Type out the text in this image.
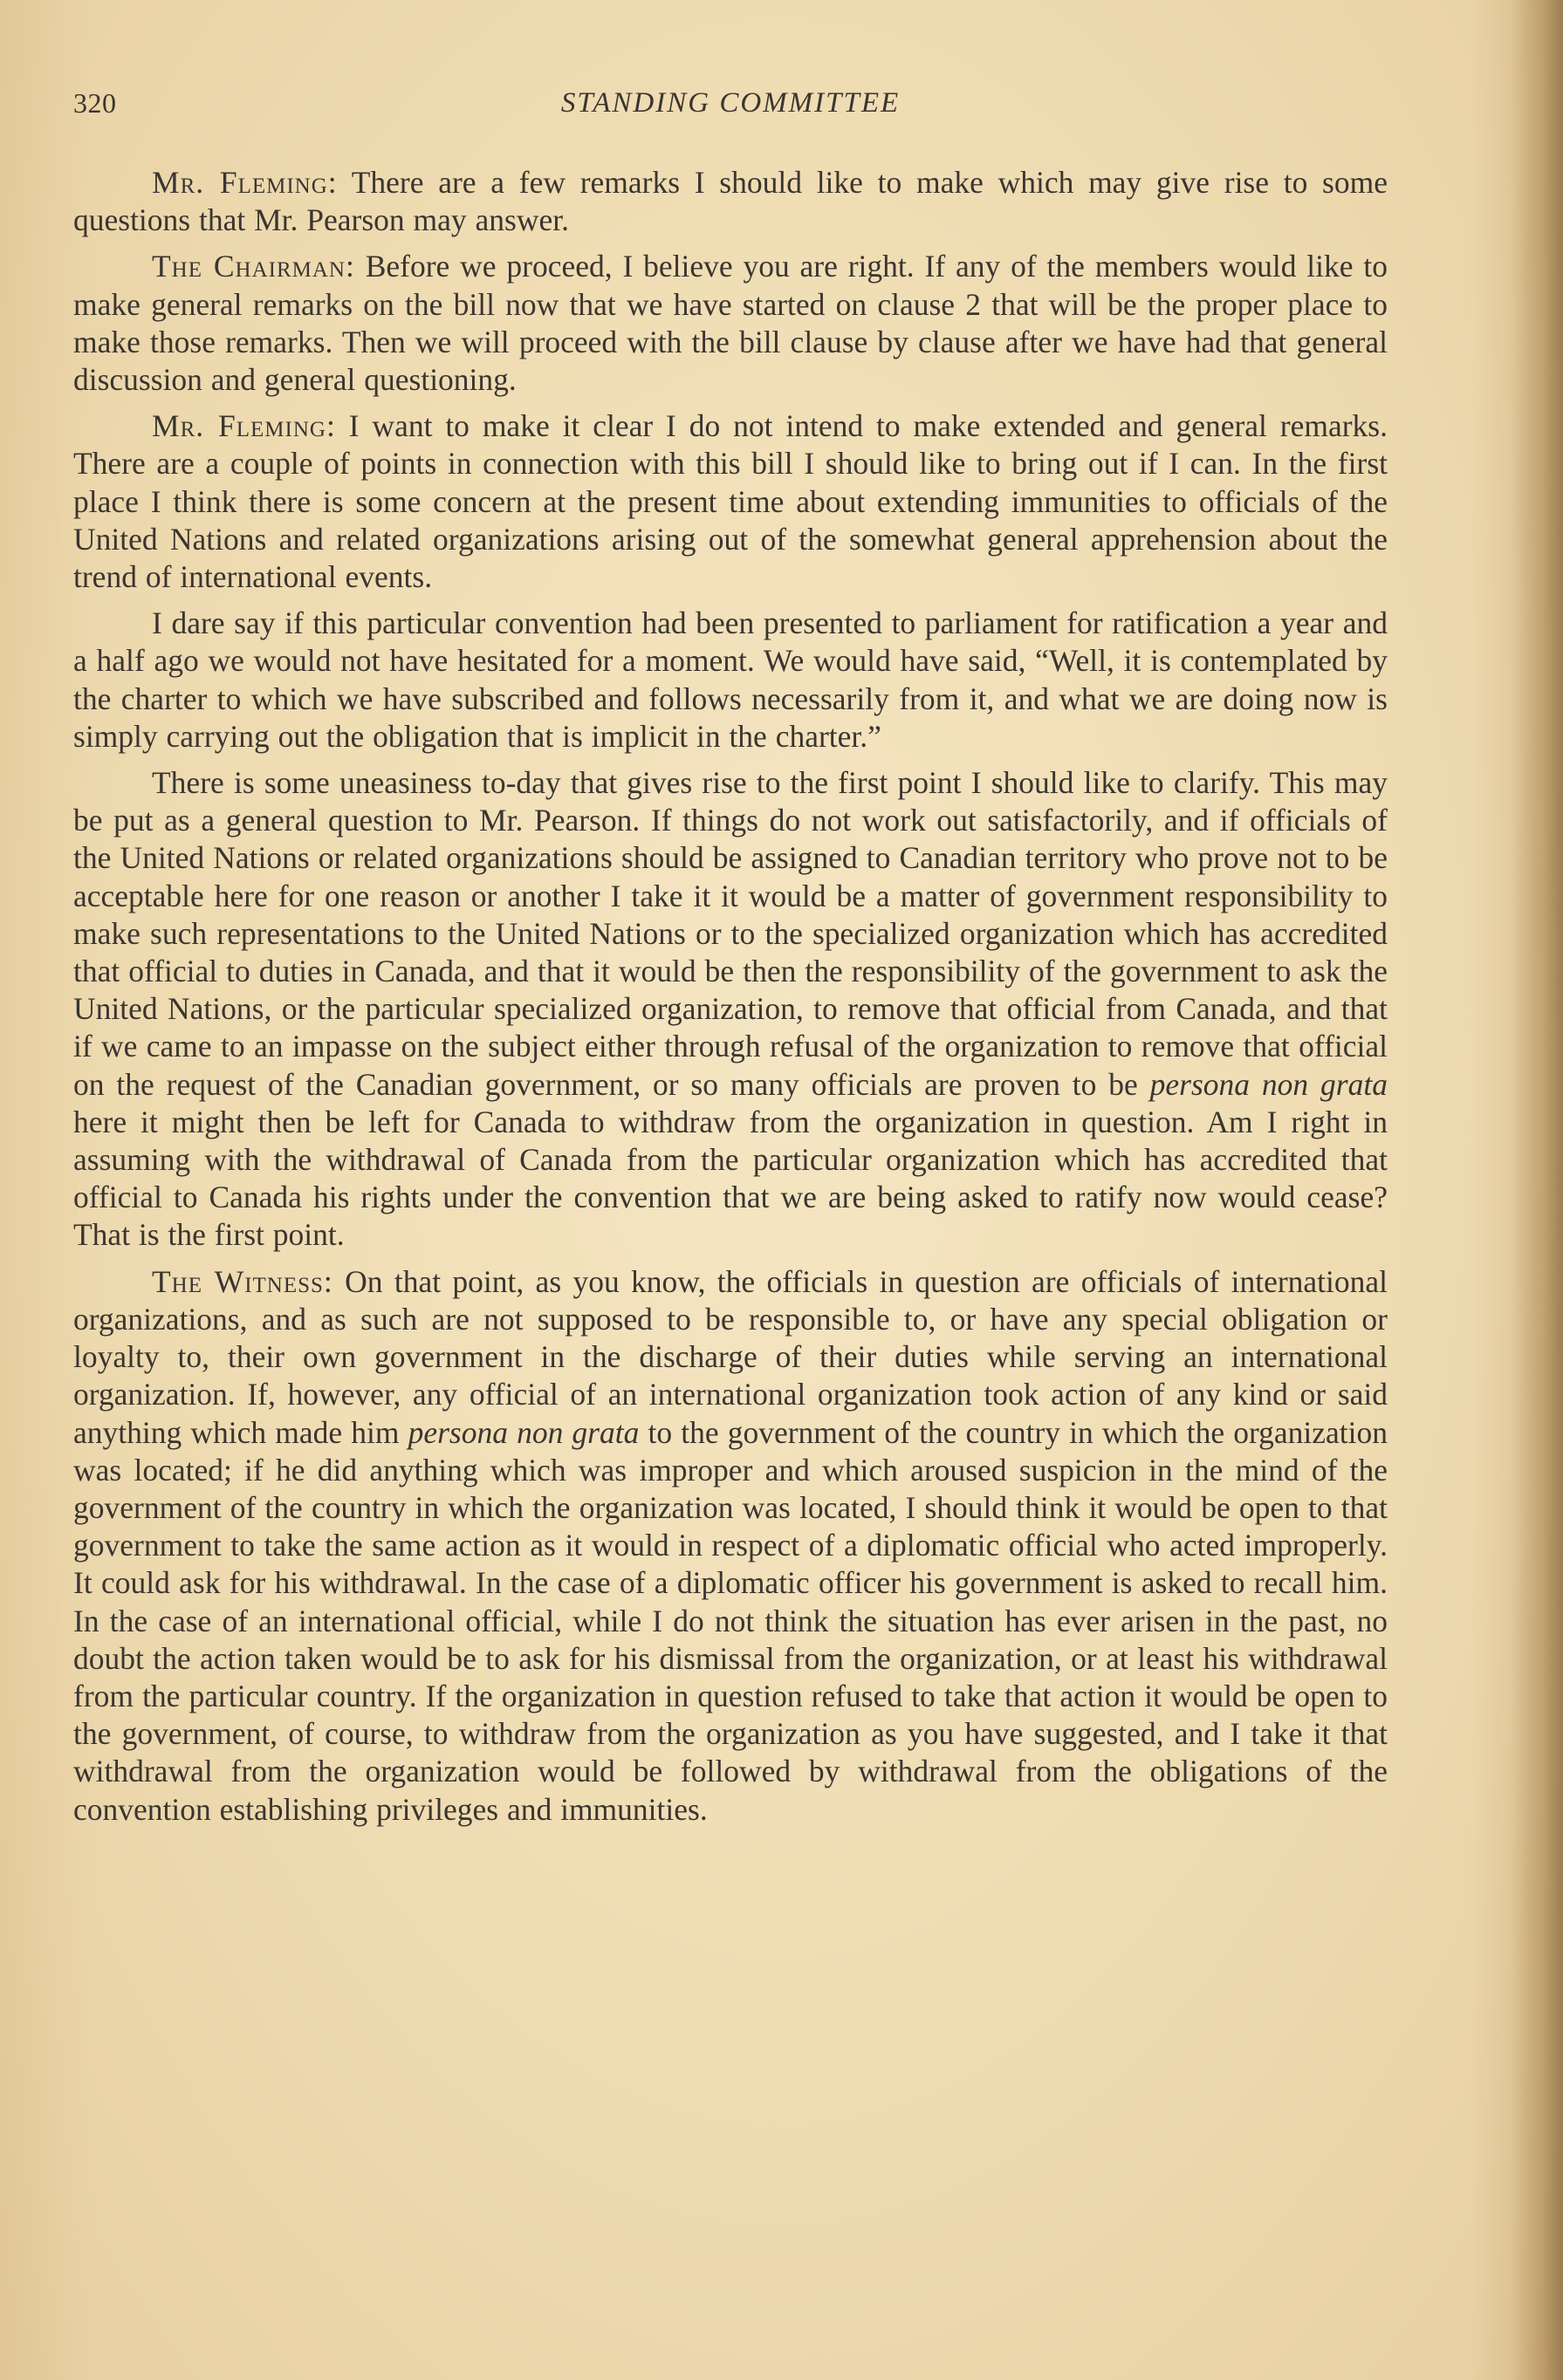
320	STANDING COMMITTEE

Mr. Fleming: There are a few remarks I should like to make which may give rise to some questions that Mr. Pearson may answer.

The Chairman: Before we proceed, I believe you are right. If any of the members would like to make general remarks on the bill now that we have started on clause 2 that will be the proper place to make those remarks. Then we will proceed with the bill clause by clause after we have had that general discussion and general questioning.

Mr. Fleming: I want to make it clear I do not intend to make extended and general remarks. There are a couple of points in connection with this bill I should like to bring out if I can. In the first place I think there is some concern at the present time about extending immunities to officials of the United Nations and related organizations arising out of the somewhat general apprehension about the trend of international events.

I dare say if this particular convention had been presented to parliament for ratification a year and a half ago we would not have hesitated for a moment. We would have said, “Well, it is contemplated by the charter to which we have subscribed and follows necessarily from it, and what we are doing now is simply carrying out the obligation that is implicit in the charter.”

There is some uneasiness to-day that gives rise to the first point I should like to clarify. This may be put as a general question to Mr. Pearson. If things do not work out satisfactorily, and if officials of the United Nations or related organizations should be assigned to Canadian territory who prove not to be acceptable here for one reason or another I take it it would be a matter of government responsibility to make such representations to the United Nations or to the specialized organization which has accredited that official to duties in Canada, and that it would be then the responsibility of the government to ask the United Nations, or the particular specialized organization, to remove that official from Canada, and that if we came to an impasse on the subject either through refusal of the organization to remove that official on the request of the Canadian government, or so many officials are proven to be persona non grata here it might then be left for Canada to withdraw from the organization in question. Am I right in assuming with the withdrawal of Canada from the particular organization which has accredited that official to Canada his rights under the convention that we are being asked to ratify now would cease? That is the first point.

The Witness: On that point, as you know, the officials in question are officials of international organizations, and as such are not supposed to be responsible to, or have any special obligation or loyalty to, their own government in the discharge of their duties while serving an international organization. If, however, any official of an international organization took action of any kind or said anything which made him persona non grata to the government of the country in which the organization was located; if he did anything which was improper and which aroused suspicion in the mind of the government of the country in which the organization was located, I should think it would be open to that government to take the same action as it would in respect of a diplomatic official who acted improperly. It could ask for his withdrawal. In the case of a diplomatic officer his government is asked to recall him. In the case of an international official, while I do not think the situation has ever arisen in the past, no doubt the action taken would be to ask for his dismissal from the organization, or at least his withdrawal from the particular country. If the organization in question refused to take that action it would be open to the government, of course, to withdraw from the organization as you have suggested, and I take it that withdrawal from the organization would be followed by withdrawal from the obligations of the convention establishing privileges and immunities.
